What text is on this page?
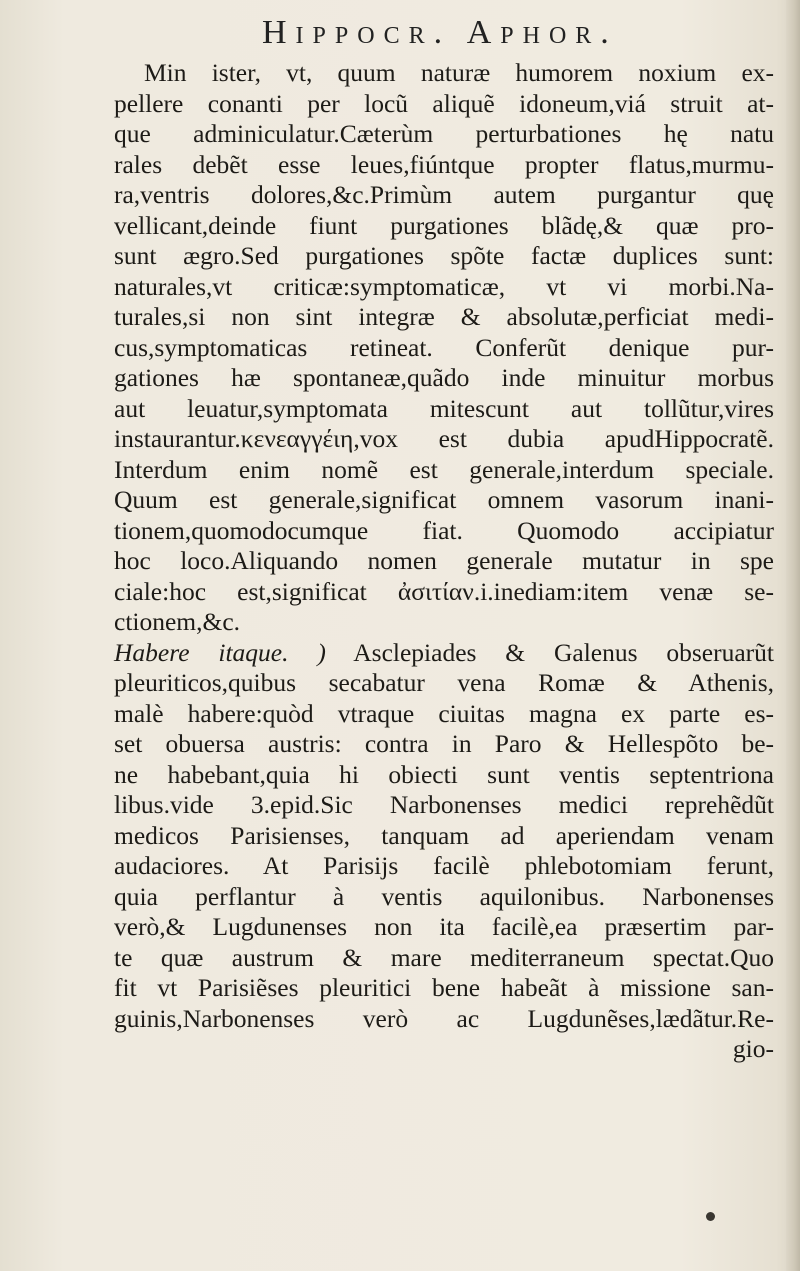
Hippocr. Aphor.
Min ister, vt, quum naturæ humorem noxium ex-
pellere conanti per locũ aliquẽ idoneum,viá struit at-
que adminiculatur.Cæterùm perturbationes hę natu
rales debẽt esse leues,fiúntque propter flatus,murmu-
ra,ventris dolores,&c.Primùm autem purgantur quę
vellicant,deinde fiunt purgationes blãdę,& quæ pro-
sunt ægro.Sed purgationes spõte factæ duplices sunt:
naturales,vt criticæ:symptomaticæ, vt vi morbi.Na-
turales,si non sint integræ & absolutæ,perficiat medi-
cus,symptomaticas retineat. Conferũt denique pur-
gationes hæ spontaneæ,quãdo inde minuitur morbus
aut leuatur,symptomata mitescunt aut tollũtur,vires
instaurantur.κενεαγγέιη,vox est dubia apudHippocratẽ.
Interdum enim nomẽ est generale,interdum speciale.
Quum est generale,significat omnem vasorum inani-
tionem,quomodocumque fiat. Quomodo accipiatur
hoc loco.Aliquando nomen generale mutatur in spe
ciale:hoc est,significat ἀσιτίαν.i.inediam:item venæ se-
ctionem,&c.
Habere itaque. ) Asclepiades & Galenus obseruarũt
pleuriticos,quibus secabatur vena Romæ & Athenis,
malè habere:quòd vtraque ciuitas magna ex parte es-
set obuersa austris: contra in Paro & Hellespõto be-
ne habebant,quia hi obiecti sunt ventis septentriona
libus.vide 3.epid.Sic Narbonenses medici reprehẽdũt
medicos Parisienses, tanquam ad aperiendam venam
audaciores. At Parisijs facilè phlebotomiam ferunt,
quia perflantur à ventis aquilonibus. Narbonenses
verò,& Lugdunenses non ita facilè,ea præsertim par-
te quæ austrum & mare mediterraneum spectat.Quo
fit vt Parisiẽses pleuritici bene habeãt à missione san-
guinis,Narbonenses verò ac Lugdunẽses,lædãtur.Re-
gio-
